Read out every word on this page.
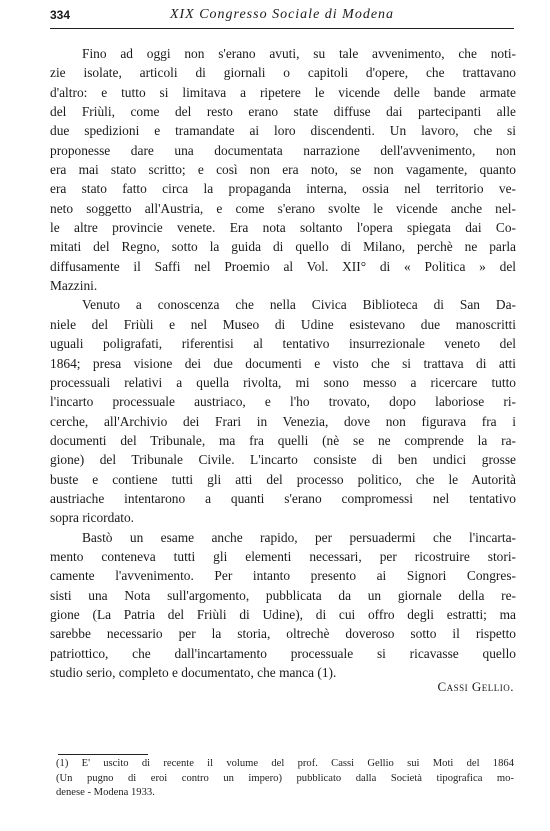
334	XIX Congresso Sociale di Modena

Fino ad oggi non s'erano avuti, su tale avvenimento, che noti-
zie isolate, articoli di giornali o capitoli d'opere, che trattavano
d'altro: e tutto si limitava a ripetere le vicende delle bande armate
del Friùli, come del resto erano state diffuse dai partecipanti alle
due spedizioni e tramandate ai loro discendenti. Un lavoro, che si
proponesse dare una documentata narrazione dell'avvenimento, non
era mai stato scritto; e così non era noto, se non vagamente, quanto
era stato fatto circa la propaganda interna, ossia nel territorio ve-
neto soggetto all'Austria, e come s'erano svolte le vicende anche nel-
le altre provincie venete. Era nota soltanto l'opera spiegata dai Co-
mitati del Regno, sotto la guida di quello di Milano, perchè ne parla
diffusamente il Saffi nel Proemio al Vol. XII° di « Politica » del
Mazzini.

Venuto a conoscenza che nella Civica Biblioteca di San Da-
niele del Friùli e nel Museo di Udine esistevano due manoscritti
uguali poligrafati, riferentisi al tentativo insurrezionale veneto del
1864; presa visione dei due documenti e visto che si trattava di atti
processuali relativi a quella rivolta, mi sono messo a ricercare tutto
l'incarto processuale austriaco, e l'ho trovato, dopo laboriose ri-
cerche, all'Archivio dei Frari in Venezia, dove non figurava fra i
documenti del Tribunale, ma fra quelli (nè se ne comprende la ra-
gione) del Tribunale Civile. L'incarto consiste di ben undici grosse
buste e contiene tutti gli atti del processo politico, che le Autorità
austriache intentarono a quanti s'erano compromessi nel tentativo
sopra ricordato.

Bastò un esame anche rapido, per persuadermi che l'incarta-
mento conteneva tutti gli elementi necessari, per ricostruire stori-
camente l'avvenimento. Per intanto presento ai Signori Congres-
sisti una Nota sull'argomento, pubblicata da un giornale della re-
gione (La Patria del Friùli di Udine), di cui offro degli estratti; ma
sarebbe necessario per la storia, oltrechè doveroso sotto il rispetto
patriottico, che dall'incartamento processuale si ricavasse quello
studio serio, completo e documentato, che manca (1).

Cassi Gellio.
(1) E' uscito di recente il volume del prof. Cassi Gellio sui Moti del 1864
(Un pugno di eroi contro un impero) pubblicato dalla Società tipografica mo-
denese - Modena 1933.
